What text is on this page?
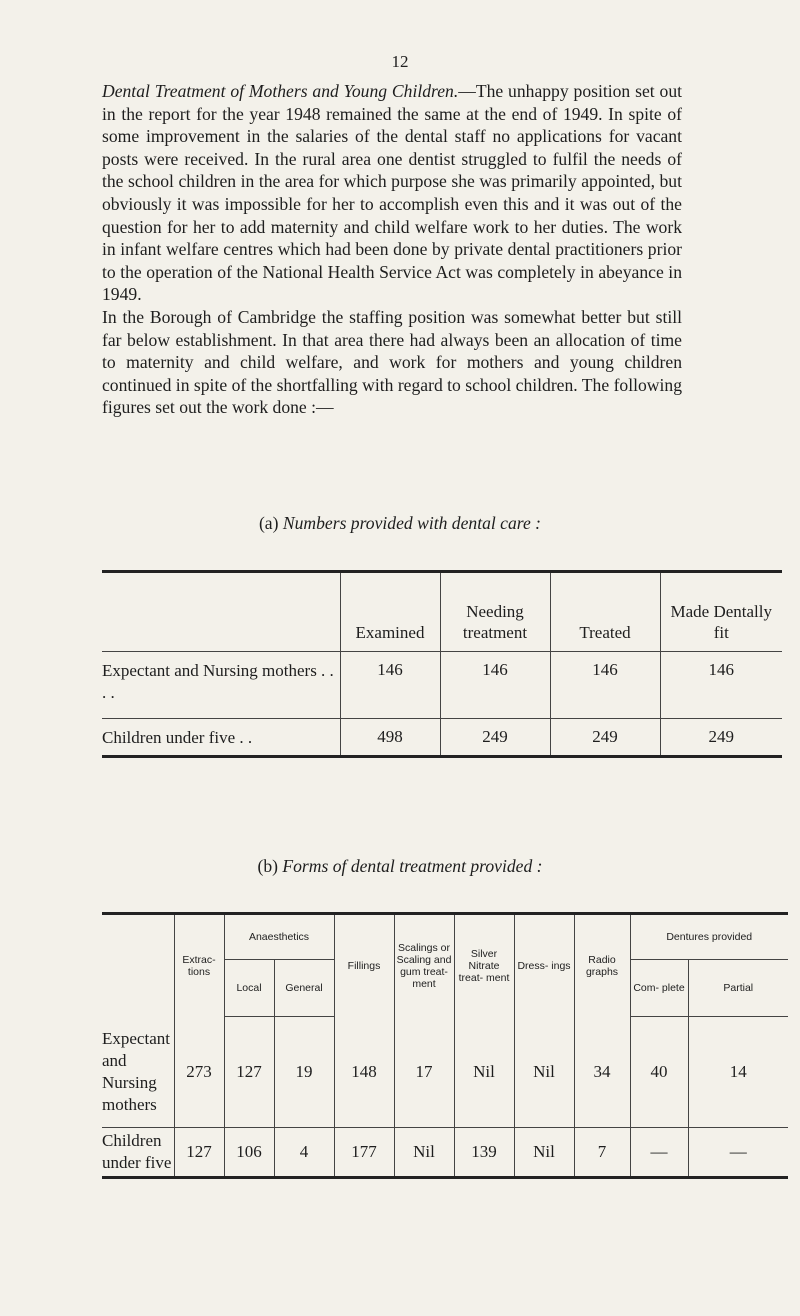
12

Dental Treatment of Mothers and Young Children.—The unhappy position set out in the report for the year 1948 remained the same at the end of 1949. In spite of some improvement in the salaries of the dental staff no applications for vacant posts were received. In the rural area one dentist struggled to fulfil the needs of the school children in the area for which purpose she was primarily appointed, but obviously it was impossible for her to accomplish even this and it was out of the question for her to add maternity and child welfare work to her duties. The work in infant welfare centres which had been done by private dental practitioners prior to the operation of the National Health Service Act was completely in abeyance in 1949.

In the Borough of Cambridge the staffing position was somewhat better but still far below establishment. In that area there had always been an allocation of time to maternity and child welfare, and work for mothers and young children continued in spite of the shortfalling with regard to school children. The following figures set out the work done :—

(a) Numbers provided with dental care :
	Examined	Needing treatment	Treated	Made Dentally fit
Expectant and Nursing mothers . . . .	146	146	146	146
Children under five . .	498	249	249	249
(b) Forms of dental treatment provided :
	Extrac- tions	Anaesthetics		Fillings	Scalings or Scaling and gum treat- ment	Silver Nitrate treat- ment	Dress- ings	Radio graphs	Dentures provided	
		Local	General						Com- plete	Partial
Expectant and Nursing mothers	273	127	19	148	17	Nil	Nil	34	40	14
Children under five	127	106	4	177	Nil	139	Nil	7	—	—
